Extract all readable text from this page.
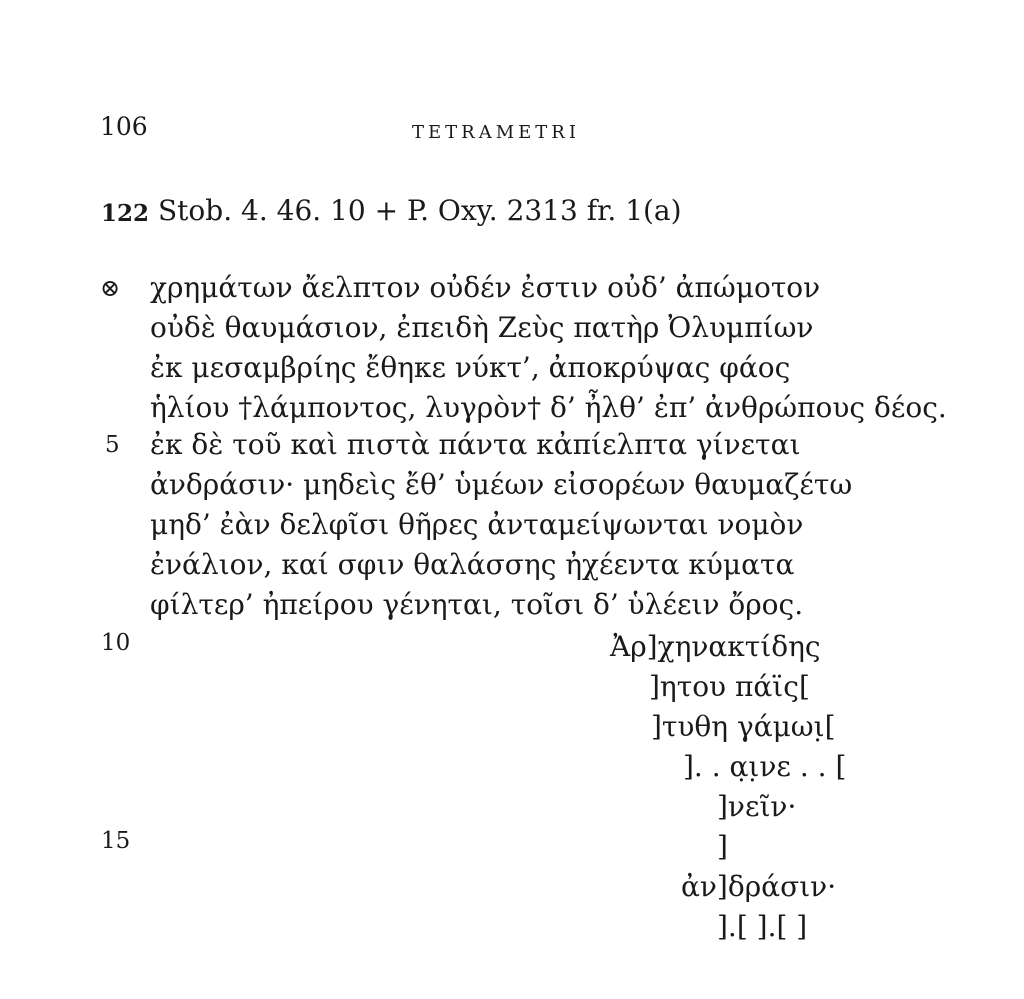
106	TETRAMETRI
122 Stob. 4. 46. 10 + P. Oxy. 2313 fr. 1(a)
⊗ χρημάτων ἄελπτον οὐδέν ἐστιν οὐδ’ ἀπώμοτον
οὐδὲ θαυμάσιον, ἐπειδὴ Ζεὺς πατὴρ Ὀλυμπίων
ἐκ μεσαμβρίης ἔθηκε νύκτ’, ἀποκρύψας φάος
ἡλίου †λάμποντος, λυγρὸν† δ’ ἦλθ’ ἐπ’ ἀνθρώπους δέος.
ἐκ δὲ τοῦ καὶ πιστὰ πάντα κἀπίελπτα γίνεται
ἀνδράσιν· μηδεὶς ἔθ’ ὑμέων εἰσορέων θαυμαζέτω
μηδ’ ἐὰν δελφῖσι θῆρες ἀνταμείψωνται νομὸν
ἐνάλιον, καί σφιν θαλάσσης ἠχέεντα κύματα
φίλτερ’ ἠπείρου γένηται, τοῖσι δ’ ὑλέειν ὄρος.
5
10
15
Ἀρ]χηνακτίδης
]ητου πάϊς[
]τυθη γάμωι̣[
]. . α̣ι̣νε . . [
]νεῖν·
]
ἀν]δράσιν·
].[ ].[ ]
